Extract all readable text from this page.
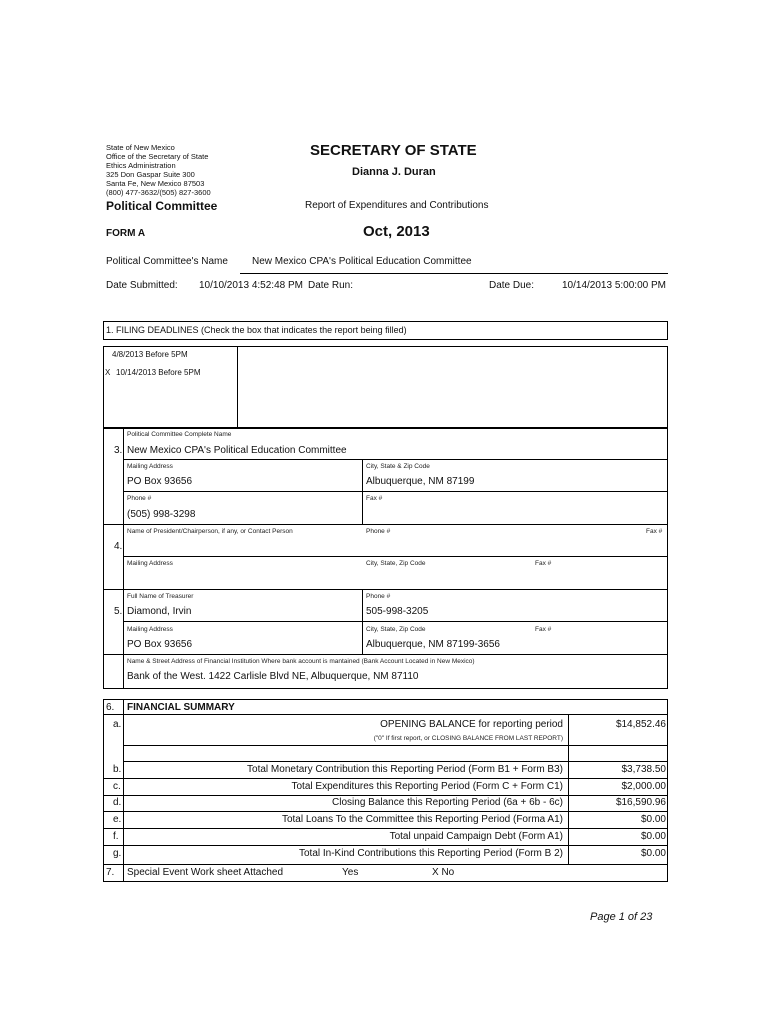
State of New Mexico
Office of the Secretary of State
Ethics Administration
325 Don Gaspar Suite 300
Santa Fe, New Mexico 87503
(800) 477-3632/(505) 827-3600
SECRETARY OF STATE
Dianna J. Duran
Political Committee	Report of Expenditures and Contributions
FORM A	Oct, 2013
Political Committee's Name New Mexico CPA's Political Education Committee
Date Submitted: 10/10/2013 4:52:48 PM Date Run:	Date Due:	10/14/2013 5:00:00 PM
1. FILING DEADLINES (Check the box that indicates the report being filled)
4/8/2013 Before 5PM
X 10/14/2013 Before 5PM
Political Committee Complete Name
3. New Mexico CPA's Political Education Committee
Mailing Address	City, State & Zip Code
PO Box 93656	Albuquerque, NM 87199
Phone #	Fax #
(505) 998-3298
Name of President/Chairperson, if any, or Contact Person	Phone #	Fax #
4.
Mailing Address	City, State, Zip Code	Fax #
Full Name of Treasurer	Phone #
5. Diamond, Irvin	505-998-3205
Mailing Address	City, State, Zip Code	Fax #
PO Box 93656	Albuquerque, NM 87199-3656
Name & Street Address of Financial Institution Where bank account is mantained (Bank Account Located in New Mexico)
Bank of the West. 1422 Carlisle Blvd NE, Albuquerque, NM 87110
6. FINANCIAL SUMMARY
a.	OPENING BALANCE for reporting period	$14,852.46
("0" If first report, or CLOSING BALANCE FROM LAST REPORT)
b.	Total Monetary Contribution this Reporting Period (Form B1 + Form B3)	$3,738.50
c.	Total Expenditures this Reporting Period (Form C + Form C1)	$2,000.00
d.	Closing Balance this Reporting Period (6a + 6b - 6c)	$16,590.96
e.	Total Loans To the Committee this Reporting Period (Forma A1)	$0.00
f.	Total unpaid Campaign Debt (Form A1)	$0.00
g.	Total In-Kind Contributions this Reporting Period (Form B 2)	$0.00
7. Special Event Work sheet Attached	Yes	X No
Page 1 of 23
